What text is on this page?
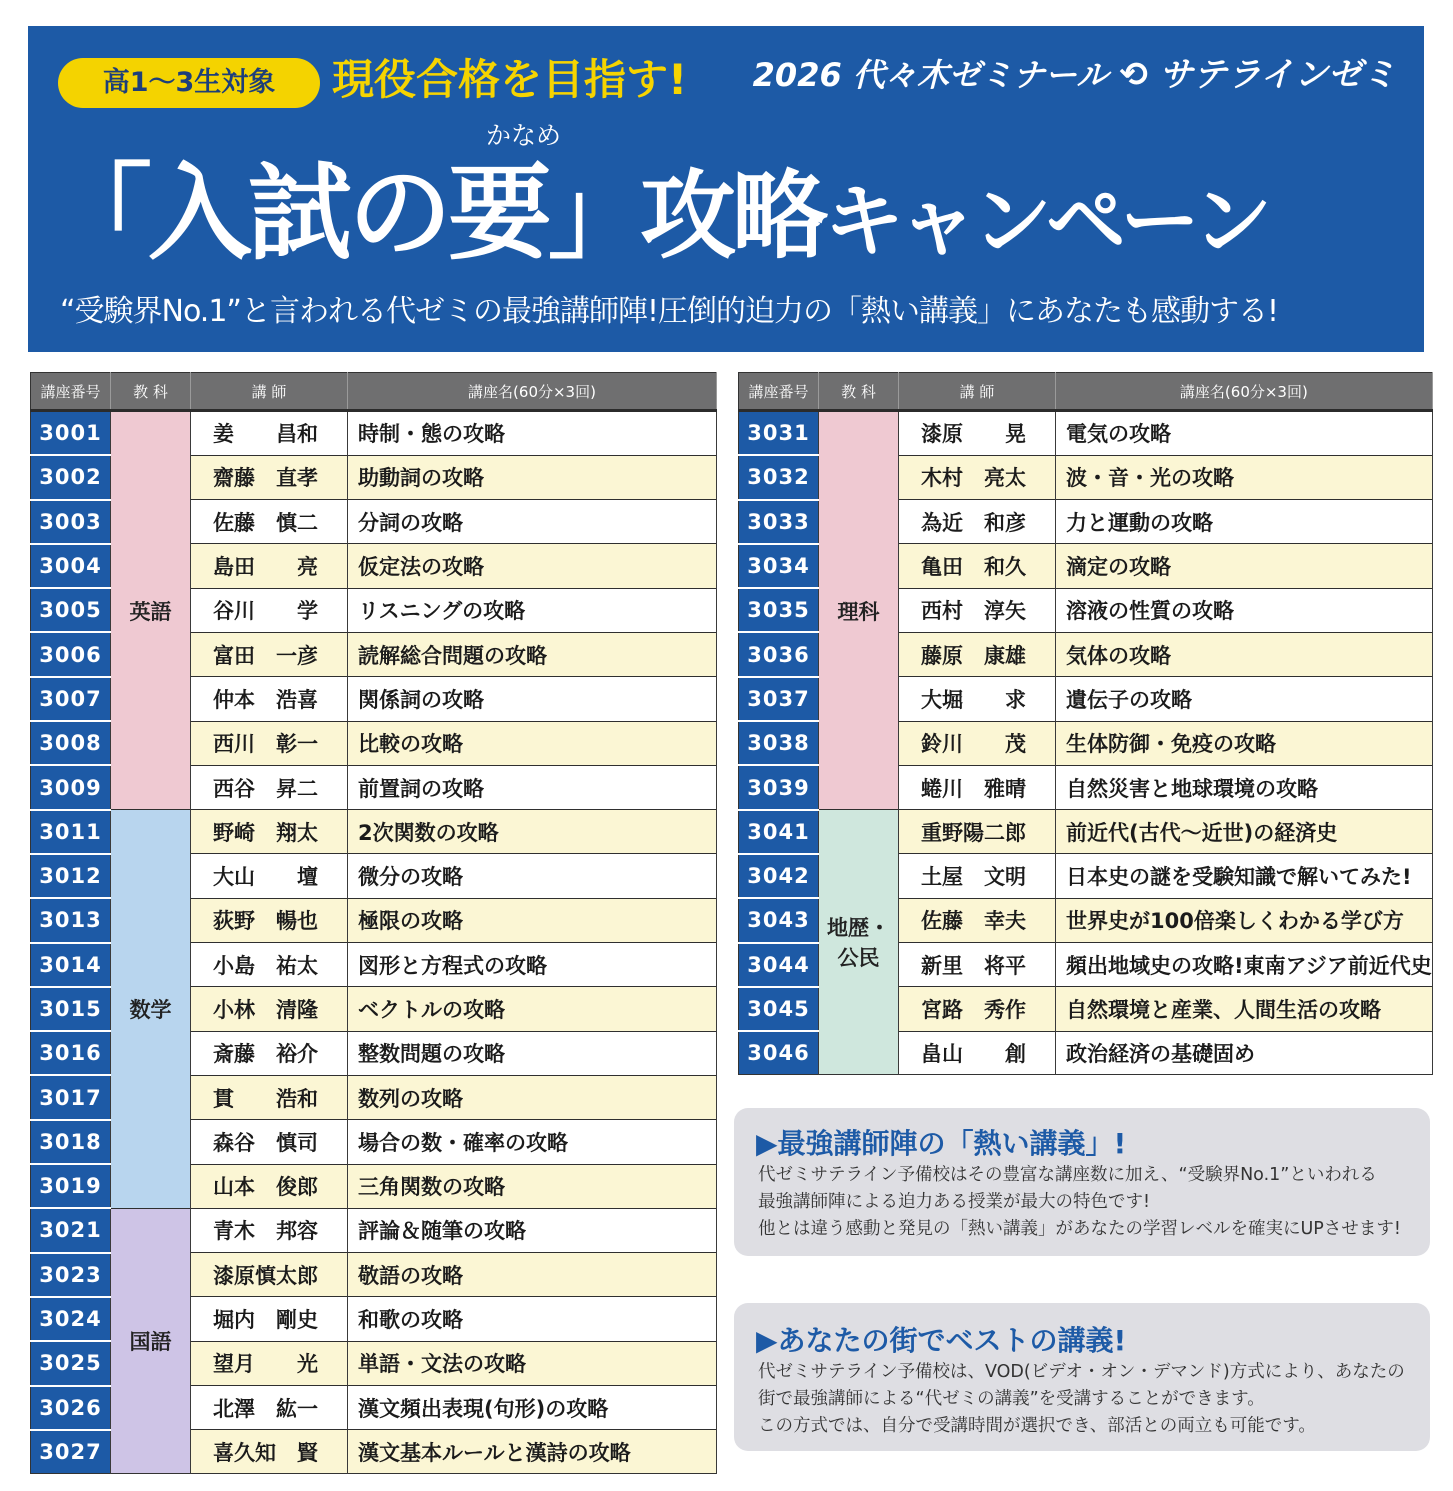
高1〜3生対象	現役合格を目指す! 2026 代々木ゼミナール ⟲ サテラインゼミ
かなめ
「入試の要」攻略キャンペーン
“受験界No.1”と言われる代ゼミの最強講師陣!圧倒的迫力の「熱い講義」にあなたも感動する!
講座番号	教 科	講 師	講座名(60分×3回)
3001	英語	姜　　昌和	時制・態の攻略
3002		齋藤　直孝	助動詞の攻略
3003		佐藤　慎二	分詞の攻略
3004		島田　　亮	仮定法の攻略
3005		谷川　　学	リスニングの攻略
3006		富田　一彦	読解総合問題の攻略
3007		仲本　浩喜	関係詞の攻略
3008		西川　彰一	比較の攻略
3009		西谷　昇二	前置詞の攻略
3011	数学	野崎　翔太	2次関数の攻略
3012		大山　　壇	微分の攻略
3013		荻野　暢也	極限の攻略
3014		小島　祐太	図形と方程式の攻略
3015		小林　清隆	ベクトルの攻略
3016		斎藤　裕介	整数問題の攻略
3017		貫　　浩和	数列の攻略
3018		森谷　慎司	場合の数・確率の攻略
3019		山本　俊郎	三角関数の攻略
3021	国語	青木　邦容	評論＆随筆の攻略
3023		漆原慎太郎	敬語の攻略
3024		堀内　剛史	和歌の攻略
3025		望月　　光	単語・文法の攻略
3026		北澤　紘一	漢文頻出表現(句形)の攻略
3027		喜久知　賢	漢文基本ルールと漢詩の攻略
講座番号	教 科	講 師	講座名(60分×3回)
3031	理科	漆原　　晃	電気の攻略
3032		木村　亮太	波・音・光の攻略
3033		為近　和彦	力と運動の攻略
3034		亀田　和久	滴定の攻略
3035		西村　淳矢	溶液の性質の攻略
3036		藤原　康雄	気体の攻略
3037		大堀　　求	遺伝子の攻略
3038		鈴川　　茂	生体防御・免疫の攻略
3039		蜷川　雅晴	自然災害と地球環境の攻略
3041	地歴・公民	重野陽二郎	前近代(古代〜近世)の経済史
3042		土屋　文明	日本史の謎を受験知識で解いてみた!
3043		佐藤　幸夫	世界史が100倍楽しくわかる学び方
3044		新里　将平	頻出地域史の攻略!東南アジア前近代史
3045		宮路　秀作	自然環境と産業、人間生活の攻略
3046		畠山　　創	政治経済の基礎固め
▶最強講師陣の「熱い講義」!
代ゼミサテライン予備校はその豊富な講座数に加え、“受験界No.1”といわれる
最強講師陣による迫力ある授業が最大の特色です!
他とは違う感動と発見の「熱い講義」があなたの学習レベルを確実にUPさせます!
▶あなたの街でベストの講義!
代ゼミサテライン予備校は、VOD(ビデオ・オン・デマンド)方式により、あなたの
街で最強講師による“代ゼミの講義”を受講することができます。
この方式では、自分で受講時間が選択でき、部活との両立も可能です。
